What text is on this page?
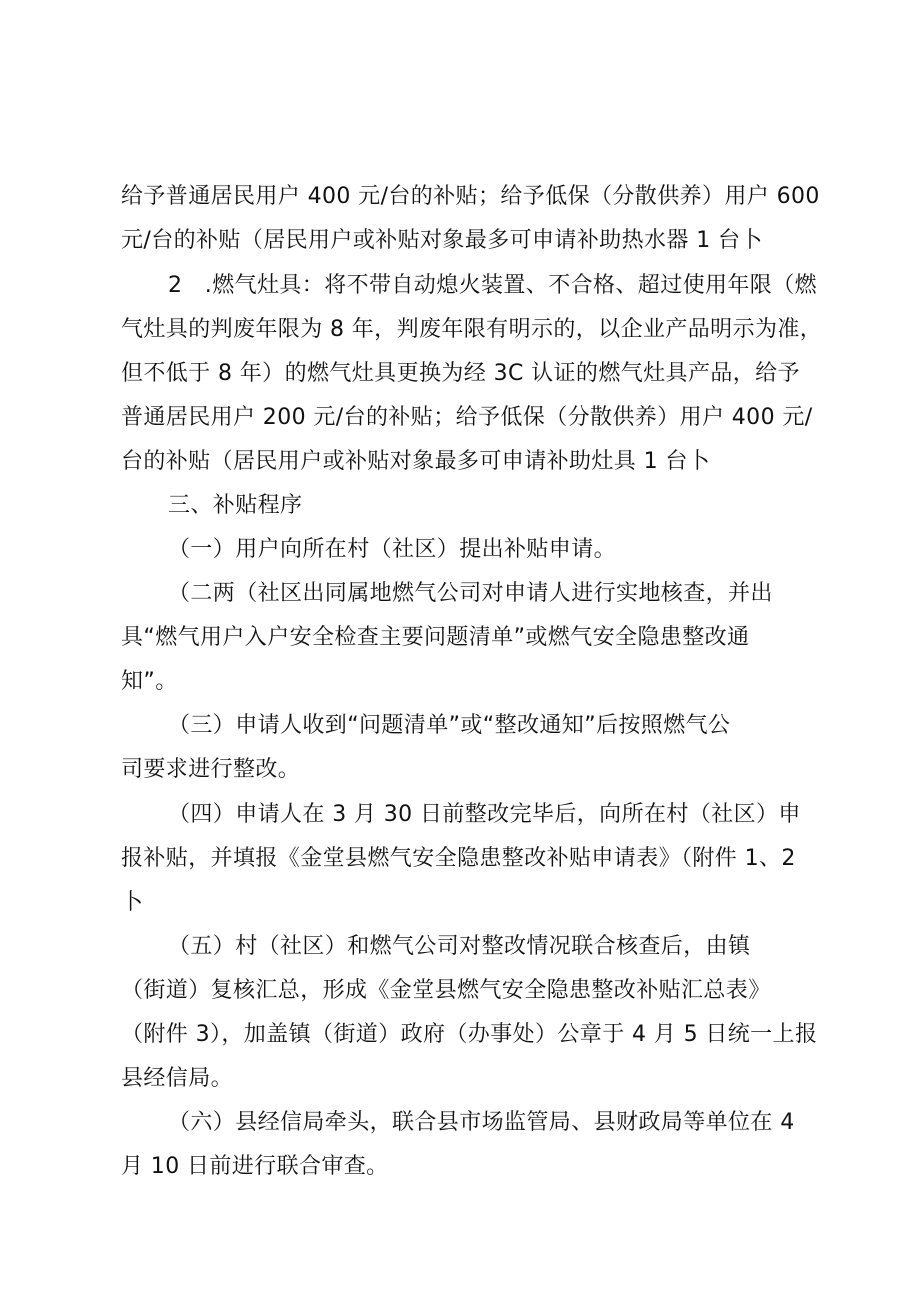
给予普通居民用户 400 元/台的补贴；给予低保（分散供养）用户 600
元/台的补贴（居民用户或补贴对象最多可申请补助热水器 1 台卜
2　.燃气灶具：将不带自动熄火装置、不合格、超过使用年限（燃
气灶具的判废年限为 8 年，判废年限有明示的，以企业产品明示为准，
但不低于 8 年）的燃气灶具更换为经 3C 认证的燃气灶具产品，给予
普通居民用户 200 元/台的补贴；给予低保（分散供养）用户 400 元/
台的补贴（居民用户或补贴对象最多可申请补助灶具 1 台卜
三、补贴程序
（一）用户向所在村（社区）提出补贴申请。
（二两（社区出同属地燃气公司对申请人进行实地核查，并出
具“燃气用户入户安全检查主要问题清单”或燃气安全隐患整改通
知”。
（三）申请人收到“问题清单”或“整改通知”后按照燃气公
司要求进行整改。
（四）申请人在 3 月 30 日前整改完毕后，向所在村（社区）申
报补贴，并填报《金堂县燃气安全隐患整改补贴申请表》（附件 1、2
卜
（五）村（社区）和燃气公司对整改情况联合核查后，由镇
（街道）复核汇总，形成《金堂县燃气安全隐患整改补贴汇总表》
（附件 3），加盖镇（街道）政府（办事处）公章于 4 月 5 日统一上报
县经信局。
（六）县经信局牵头，联合县市场监管局、县财政局等单位在 4
月 10 日前进行联合审查。
